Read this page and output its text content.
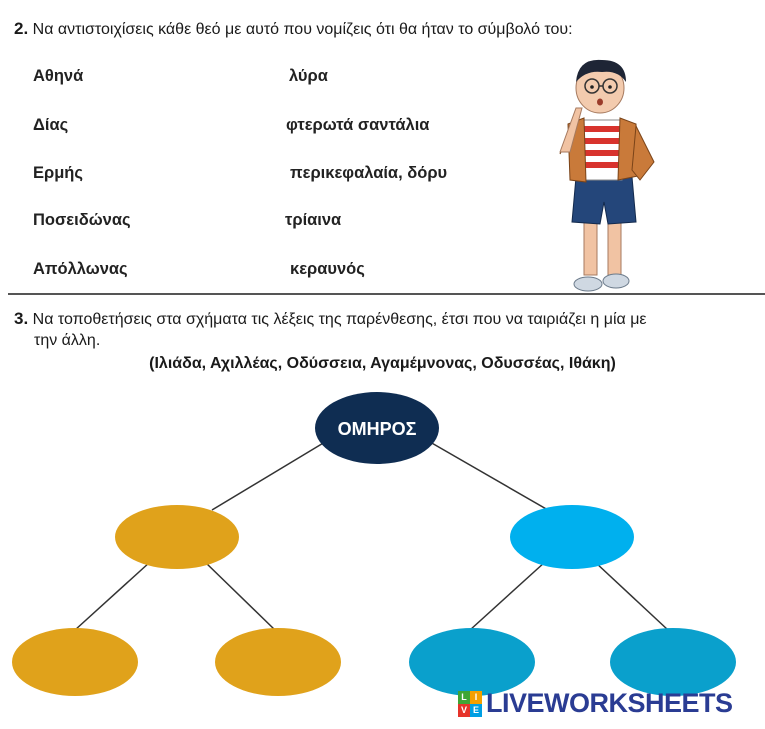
2. Να αντιστοιχίσεις κάθε θεό με αυτό που νομίζεις ότι θα ήταν το σύμβολό του:
Αθηνά
Δίας
Ερμής
Ποσειδώνας
Απόλλωνας
λύρα
φτερωτά σαντάλια
περικεφαλαία, δόρυ
τρίαινα
κεραυνός
3. Να τοποθετήσεις στα σχήματα τις λέξεις της παρένθεσης, έτσι που να ταιριάζει η μία με
την άλλη.
(Ιλιάδα, Αχιλλέας, Οδύσσεια, Αγαμέμνονας, Οδυσσέας, Ιθάκη)
ΟΜΗΡΟΣ
L I
V E LIVEWORKSHEETS
